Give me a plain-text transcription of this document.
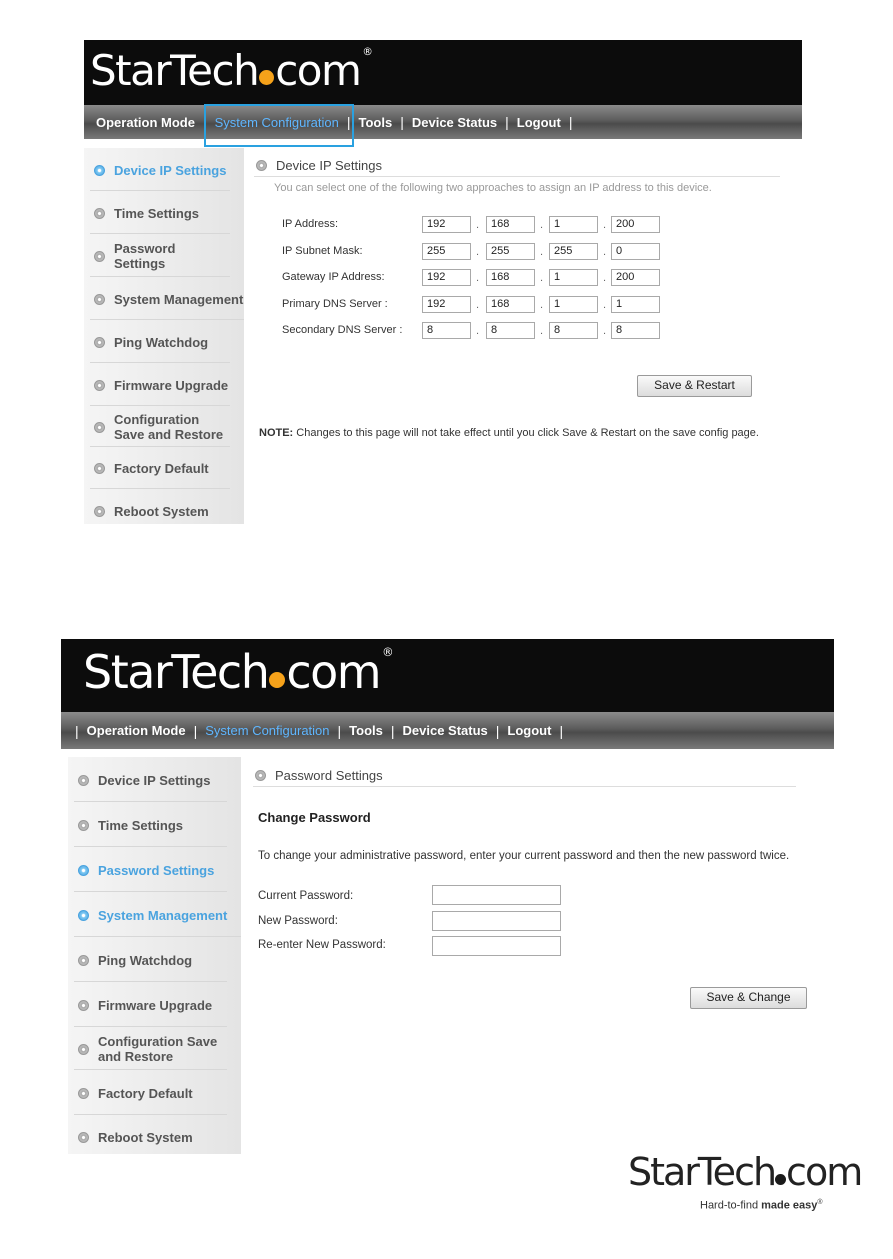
StarTech com ®
Operation Mode	System Configuration | Tools | Device Status | Logout |
Device IP Settings
Time Settings
Password Settings
System Management
Ping Watchdog
Firmware Upgrade
Configuration Save and Restore
Factory Default
Reboot System
Device IP Settings
You can select one of the following two approaches to assign an IP address to this device.
Save & Restart
NOTE: Changes to this page will not take effect until you click Save & Restart on the save config page.
IP Address:	192	.	168	. 1	. 200
IP Subnet Mask:	255	.	255	. 255	. 0
Gateway IP Address:	192	.	168	. 1	. 200
Primary DNS Server :	192	.	168	. 1	. 1
Secondary DNS Server :	8	.	8	. 8	. 8
StarTech com ®
| Operation Mode | System Configuration | Tools | Device Status | Logout |
Device IP Settings
Time Settings
Password Settings
System Management
Ping Watchdog
Firmware Upgrade
Configuration Save and Restore
Factory Default
Reboot System
Password Settings
Change Password
To change your administrative password, enter your current password and then the new password twice.
Current Password:
New Password:
Re-enter New Password:
Save & Change
StarTech com
Hard-to-find made easy®
